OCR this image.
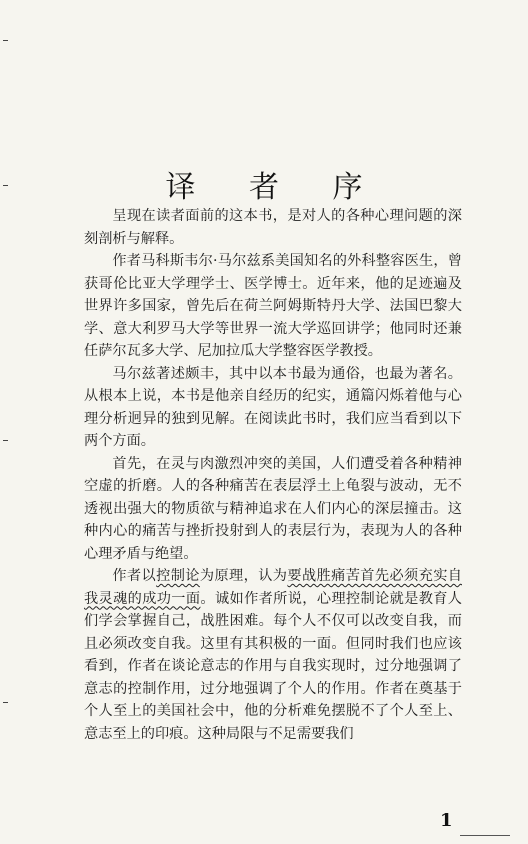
译 者 序

呈现在读者面前的这本书，是对人的各种心理问题的深刻剖析与解释。

作者马科斯韦尔·马尔兹系美国知名的外科整容医生，曾获哥伦比亚大学理学士、医学博士。近年来，他的足迹遍及世界许多国家，曾先后在荷兰阿姆斯特丹大学、法国巴黎大学、意大利罗马大学等世界一流大学巡回讲学；他同时还兼任萨尔瓦多大学、尼加拉瓜大学整容医学教授。

马尔兹著述颇丰，其中以本书最为通俗，也最为著名。从根本上说，本书是他亲自经历的纪实，通篇闪烁着他与心理分析迥异的独到见解。在阅读此书时，我们应当看到以下两个方面。

首先，在灵与肉激烈冲突的美国，人们遭受着各种精神空虚的折磨。人的各种痛苦在表层浮土上龟裂与波动，无不透视出强大的物质欲与精神追求在人们内心的深层撞击。这种内心的痛苦与挫折投射到人的表层行为，表现为人的各种心理矛盾与绝望。

作者以控制论为原理，认为要战胜痛苦首先必须充实自我灵魂的成功一面。诚如作者所说，心理控制论就是教育人们学会掌握自己，战胜困难。每个人不仅可以改变自我，而且必须改变自我。这里有其积极的一面。但同时我们也应该看到，作者在谈论意志的作用与自我实现时，过分地强调了意志的控制作用，过分地强调了个人的作用。作者在奠基于个人至上的美国社会中，他的分析难免摆脱不了个人至上、意志至上的印痕。这种局限与不足需要我们

1
